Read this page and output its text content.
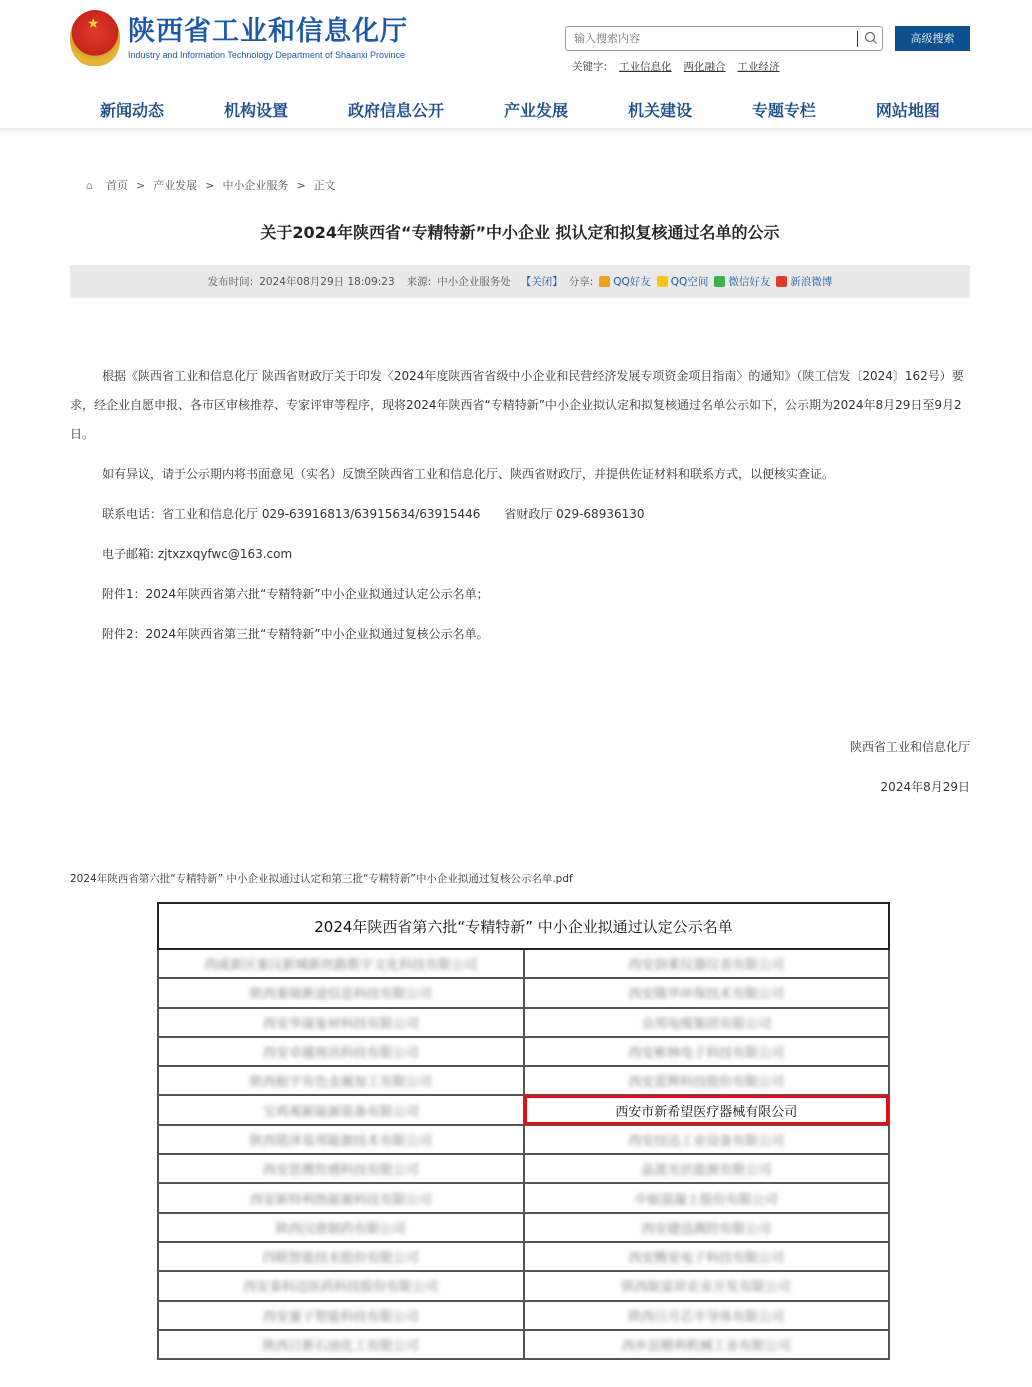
★
陕西省工业和信息化厅
Industry and Information Technology Department of Shaanxi Province
输入搜索内容
高级搜索
关键字: 工业信息化 两化融合 工业经济
新闻动态	机构设置	政府信息公开	产业发展	机关建设	专题专栏	网站地图
⌂	首页 > 产业发展 > 中小企业服务 > 正文
关于2024年陕西省“专精特新”中小企业 拟认定和拟复核通过名单的公示
发布时间: 2024年08月29日 18:09:23 来源: 中小企业服务处 【关闭】 分享: QQ好友 QQ空间 微信好友 新浪微博

根据《陕西省工业和信息化厅 陕西省财政厅关于印发〈2024年度陕西省省级中小企业和民营经济发展专项资金项目指南〉的通知》（陕工信发〔2024〕162号）要求，经企业自愿申报、各市区审核推荐、专家评审等程序，现将2024年陕西省“专精特新”中小企业拟认定和拟复核通过名单公示如下，公示期为2024年8月29日至9月2日。

如有异议，请于公示期内将书面意见（实名）反馈至陕西省工业和信息化厅、陕西省财政厅，并提供佐证材料和联系方式，以便核实查证。

联系电话：省工业和信息化厅 029-63916813/63915634/63915446　　省财政厅 029-68936130

电子邮箱: zjtxzxqyfwc@163.com

附件1：2024年陕西省第六批“专精特新”中小企业拟通过认定公示名单；

附件2：2024年陕西省第三批“专精特新”中小企业拟通过复核公示名单。

陕西省工业和信息化厅
2024年8月29日
2024年陕西省第六批“专精特新” 中小企业拟通过认定和第三批“专精特新”中小企业拟通过复核公示名单.pdf
2024年陕西省第六批“专精特新” 中小企业拟通过认定公示名单	
西咸新区秦汉新城新丝路数字文化科技有限公司	西安润莱仪器仪表有限公司
陕西秦瑞新途信息科技有限公司	西安隆华环保技术有限公司
西安华晟复材科技有限公司	众邦电缆集团有限公司
西安卓越视讯科技有限公司	西安彬林电子科技有限公司
陕西航宇有色金属加工有限公司	西安蓝辉科技股份有限公司
宝鸡观新能源装备有限公司	西安市新希望医疗器械有限公司
陕西铭泽易邦能源技术有限公司	西安技达工业设备有限公司
西安思微传感科技有限公司	晶晟光伏能源有限公司
西安新特利热能源科技有限公司	中航混凝土股份有限公司
陕西汉唐制药有限公司	西安捷迅测控有限公司
四联智能技术股份有限公司	西安腾星电子科技有限公司
西安泰科迈医药科技股份有限公司	陕西航富祥农业开发有限公司
西安量子智能科技有限公司	陕西日月芯半导体有限公司
陕西日新石油化工有限公司	西乡县精利机械工业有限公司
